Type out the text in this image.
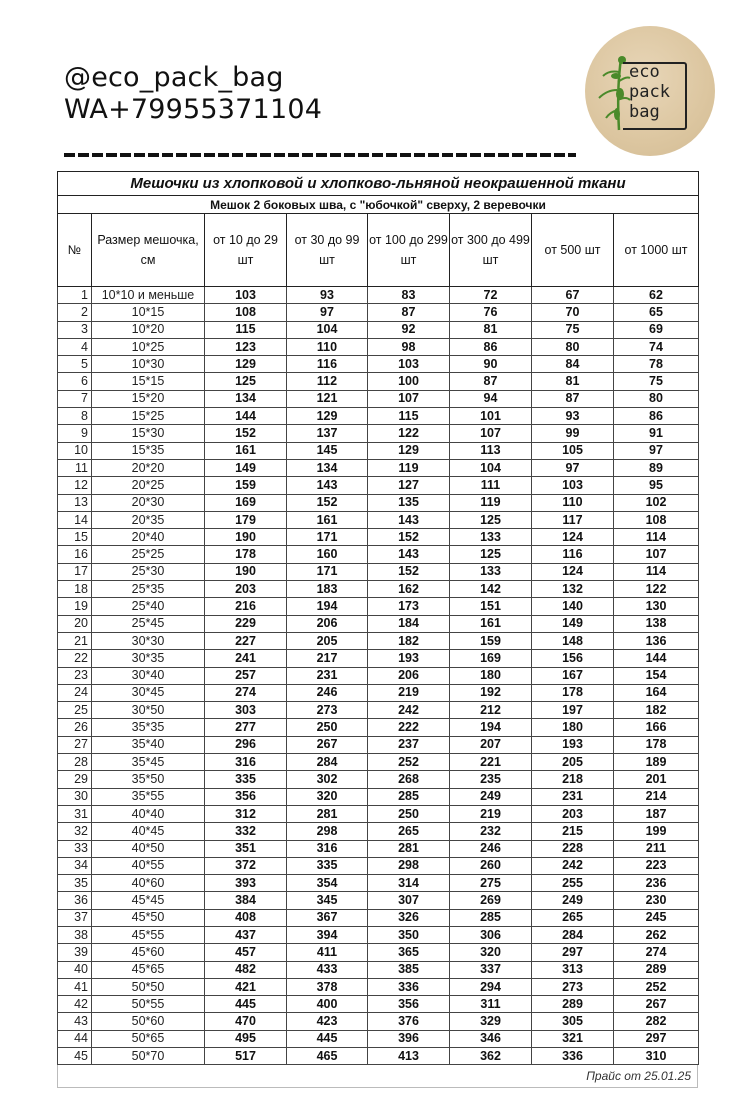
@eco_pack_bag
WA+79955371104
eco
pack
bag
Мешочки из хлопковой и хлопково-льняной неокрашенной ткани							
Мешок 2 боковых шва, с "юбочкой" сверху, 2 веревочки							
№	Размер мешочка, см	от 10 до 29 шт	от 30 до 99 шт	от 100 до 299 шт	от 300 до 499 шт	от 500 шт	от 1000 шт
1	10*10 и меньше	103	93	83	72	67	62
2	10*15	108	97	87	76	70	65
3	10*20	115	104	92	81	75	69
4	10*25	123	110	98	86	80	74
5	10*30	129	116	103	90	84	78
6	15*15	125	112	100	87	81	75
7	15*20	134	121	107	94	87	80
8	15*25	144	129	115	101	93	86
9	15*30	152	137	122	107	99	91
10	15*35	161	145	129	113	105	97
11	20*20	149	134	119	104	97	89
12	20*25	159	143	127	111	103	95
13	20*30	169	152	135	119	110	102
14	20*35	179	161	143	125	117	108
15	20*40	190	171	152	133	124	114
16	25*25	178	160	143	125	116	107
17	25*30	190	171	152	133	124	114
18	25*35	203	183	162	142	132	122
19	25*40	216	194	173	151	140	130
20	25*45	229	206	184	161	149	138
21	30*30	227	205	182	159	148	136
22	30*35	241	217	193	169	156	144
23	30*40	257	231	206	180	167	154
24	30*45	274	246	219	192	178	164
25	30*50	303	273	242	212	197	182
26	35*35	277	250	222	194	180	166
27	35*40	296	267	237	207	193	178
28	35*45	316	284	252	221	205	189
29	35*50	335	302	268	235	218	201
30	35*55	356	320	285	249	231	214
31	40*40	312	281	250	219	203	187
32	40*45	332	298	265	232	215	199
33	40*50	351	316	281	246	228	211
34	40*55	372	335	298	260	242	223
35	40*60	393	354	314	275	255	236
36	45*45	384	345	307	269	249	230
37	45*50	408	367	326	285	265	245
38	45*55	437	394	350	306	284	262
39	45*60	457	411	365	320	297	274
40	45*65	482	433	385	337	313	289
41	50*50	421	378	336	294	273	252
42	50*55	445	400	356	311	289	267
43	50*60	470	423	376	329	305	282
44	50*65	495	445	396	346	321	297
45	50*70	517	465	413	362	336	310
Прайс от 25.01.25
